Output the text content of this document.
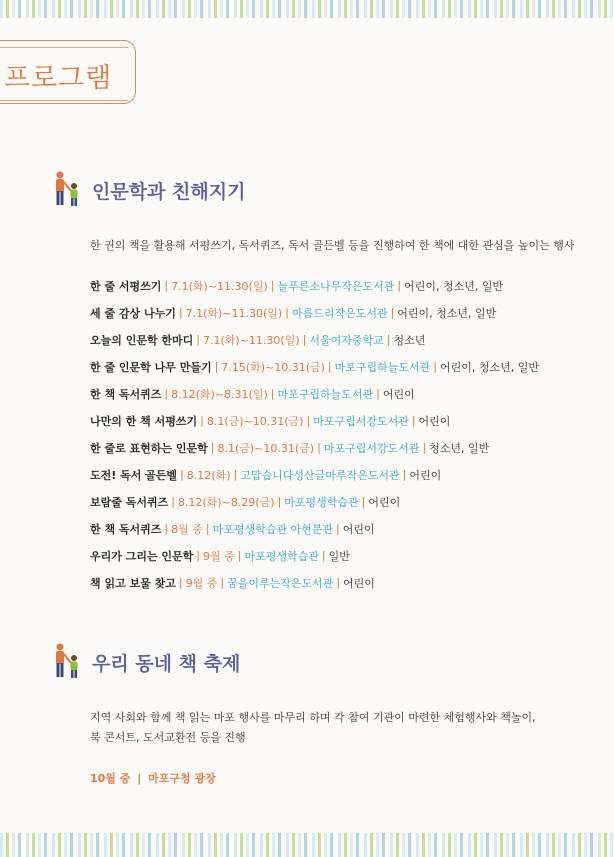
프로그램
인문학과 친해지기
한 권의 책을 활용해 서평쓰기, 독서퀴즈, 독서 골든벨 등을 진행하여 한 책에 대한 관심을 높이는 행사
한 줄 서평쓰기 | 7.1(화)~11.30(일) | 늘푸른소나무작은도서관 | 어린이, 청소년, 일반
세 줄 감상 나누기 | 7.1(화)~11.30(일) | 아름드리작은도서관 | 어린이, 청소년, 일반
오늘의 인문학 한마디 | 7.1(화)~11.30(일) | 서울여자중학교 | 청소년
한 줄 인문학 나무 만들기 | 7.15(화)~10.31(금) | 마포구립하늘도서관 | 어린이, 청소년, 일반
한 책 독서퀴즈 | 8.12(화)~8.31(일) | 마포구립하늘도서관 | 어린이
나만의 한 책 서평쓰기 | 8.1(금)~10.31(금) | 마포구립서강도서관 | 어린이
한 줄로 표현하는 인문학 | 8.1(금)~10.31(금) | 마포구립서강도서관 | 청소년, 일반
도전! 독서 골든벨 | 8.12(화) | 고맙습니다성산글마루작은도서관 | 어린이
보람줄 독서퀴즈 | 8.12(화)~8.29(금) | 마포평생학습관 | 어린이
한 책 독서퀴즈 | 8월 중 | 마포평생학습관 아현분관 | 어린이
우리가 그리는 인문학 | 9월 중 | 마포평생학습관 | 일반
책 읽고 보물 찾고 | 9월 중 | 꿈을이루는작은도서관 | 어린이
우리 동네 책 축제
지역 사회와 함께 책 읽는 마포 행사를 마무리 하며 각 참여 기관이 마련한 체험행사와 책놀이,
북 콘서트, 도서교환전 등을 진행
10월 중 | 마포구청 광장
